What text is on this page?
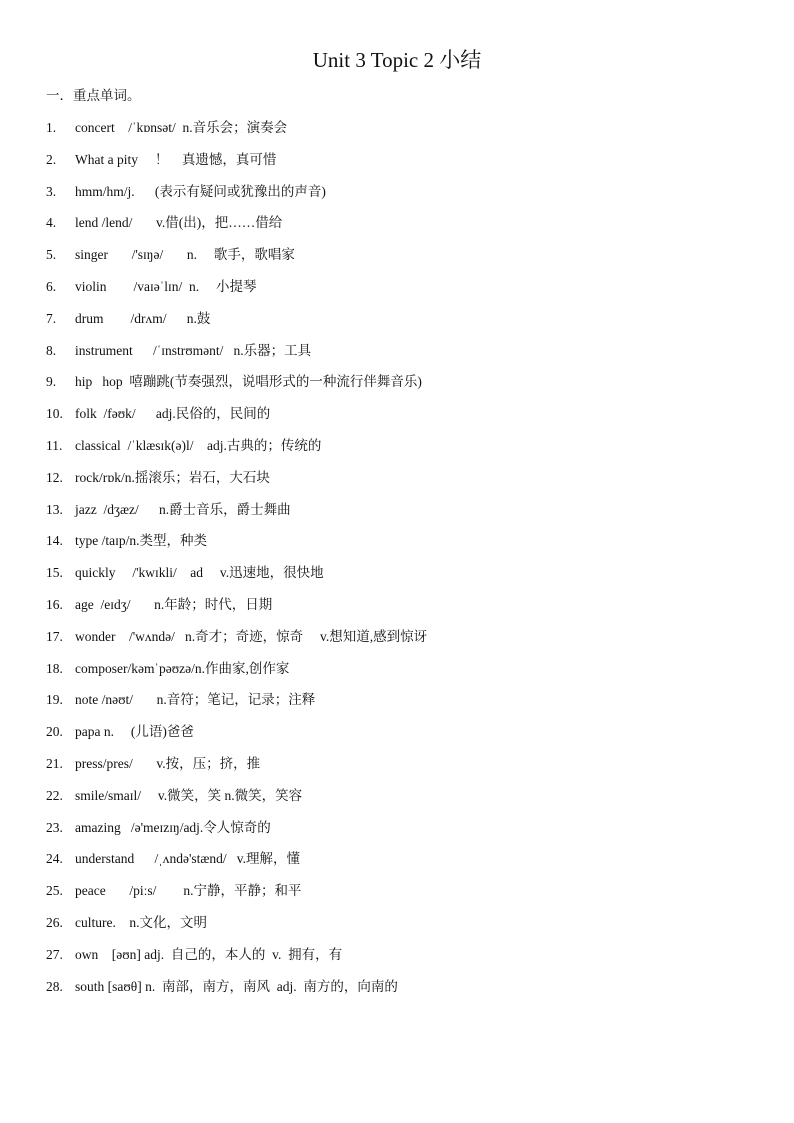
Unit 3 Topic 2 小结
一．重点单词。
1. concert    /ˈkɒnsət/  n.音乐会；演奏会
2. What a pity     ！    真遗憾，真可惜
3. hmm/hm/j.      (表示有疑问或犹豫出的声音)
4. lend /lend/       v.借(出)，把……借给
5. singer       /'sɪŋə/       n.     歌手，歌唱家
6. violin        /vaɪəˈlɪn/  n.     小提琴
7. drum        /drʌm/      n.鼓
8. instrument      /ˈɪnstrʊmənt/   n.乐器；工具
9. hip   hop  嘻蹦跳(节奏强烈，说唱形式的一种流行伴舞音乐)
10. folk  /fəʊk/      adj.民俗的，民间的
11. classical  /ˈklæsɪk(ə)l/    adj.古典的；传统的
12. rock/rɒk/n.摇滚乐；岩石，大石块
13. jazz  /dʒæz/      n.爵士音乐，爵士舞曲
14. type /taɪp/n.类型，种类
15. quickly     /'kwɪkli/    ad     v.迅速地，很快地
16. age  /eɪdʒ/       n.年龄；时代，日期
17. wonder    /'wʌndə/   n.奇才；奇迹，惊奇     v.想知道,感到惊讶
18. composer/kəmˈpəʊzə/n.作曲家,创作家
19. note /nəʊt/       n.音符；笔记，记录；注释
20. papa n.     (儿语)爸爸
21. press/pres/       v.按，压；挤，推
22. smile/smaɪl/     v.微笑，笑 n.微笑，笑容
23. amazing   /ə'meɪzɪŋ/adj.令人惊奇的
24. understand      /ˌʌndə'stænd/   v.理解，懂
25. peace       /piːs/        n.宁静，平静；和平
26. culture.    n.文化，文明
27. own    [əʊn] adj.  自己的，本人的  v.  拥有，有
28. south [saʊθ] n.  南部，南方，南风  adj.  南方的，向南的
